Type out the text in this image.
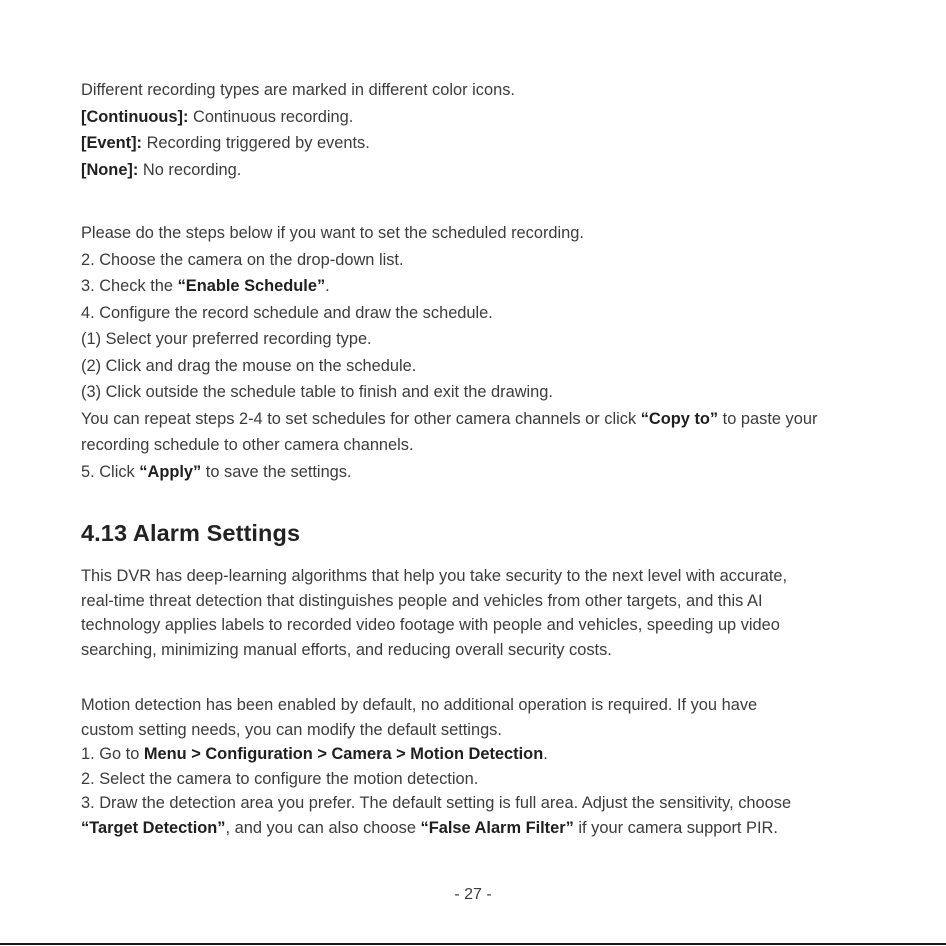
Different recording types are marked in different color icons.
[Continuous]: Continuous recording.
[Event]: Recording triggered by events.
[None]: No recording.
Please do the steps below if you want to set the scheduled recording.
2. Choose the camera on the drop-down list.
3. Check the “Enable Schedule”.
4. Configure the record schedule and draw the schedule.
(1) Select your preferred recording type.
(2) Click and drag the mouse on the schedule.
(3) Click outside the schedule table to finish and exit the drawing.
You can repeat steps 2-4 to set schedules for other camera channels or click “Copy to” to paste your
recording schedule to other camera channels.
5. Click “Apply” to save the settings.
4.13 Alarm Settings
This DVR has deep-learning algorithms that help you take security to the next level with accurate,
real-time threat detection that distinguishes people and vehicles from other targets, and this AI
technology applies labels to recorded video footage with people and vehicles, speeding up video
searching, minimizing manual efforts, and reducing overall security costs.
Motion detection has been enabled by default, no additional operation is required. If you have
custom setting needs, you can modify the default settings.
1. Go to Menu > Configuration > Camera > Motion Detection.
2. Select the camera to configure the motion detection.
3. Draw the detection area you prefer. The default setting is full area. Adjust the sensitivity, choose
“Target Detection”, and you can also choose “False Alarm Filter” if your camera support PIR.
- 27 -
